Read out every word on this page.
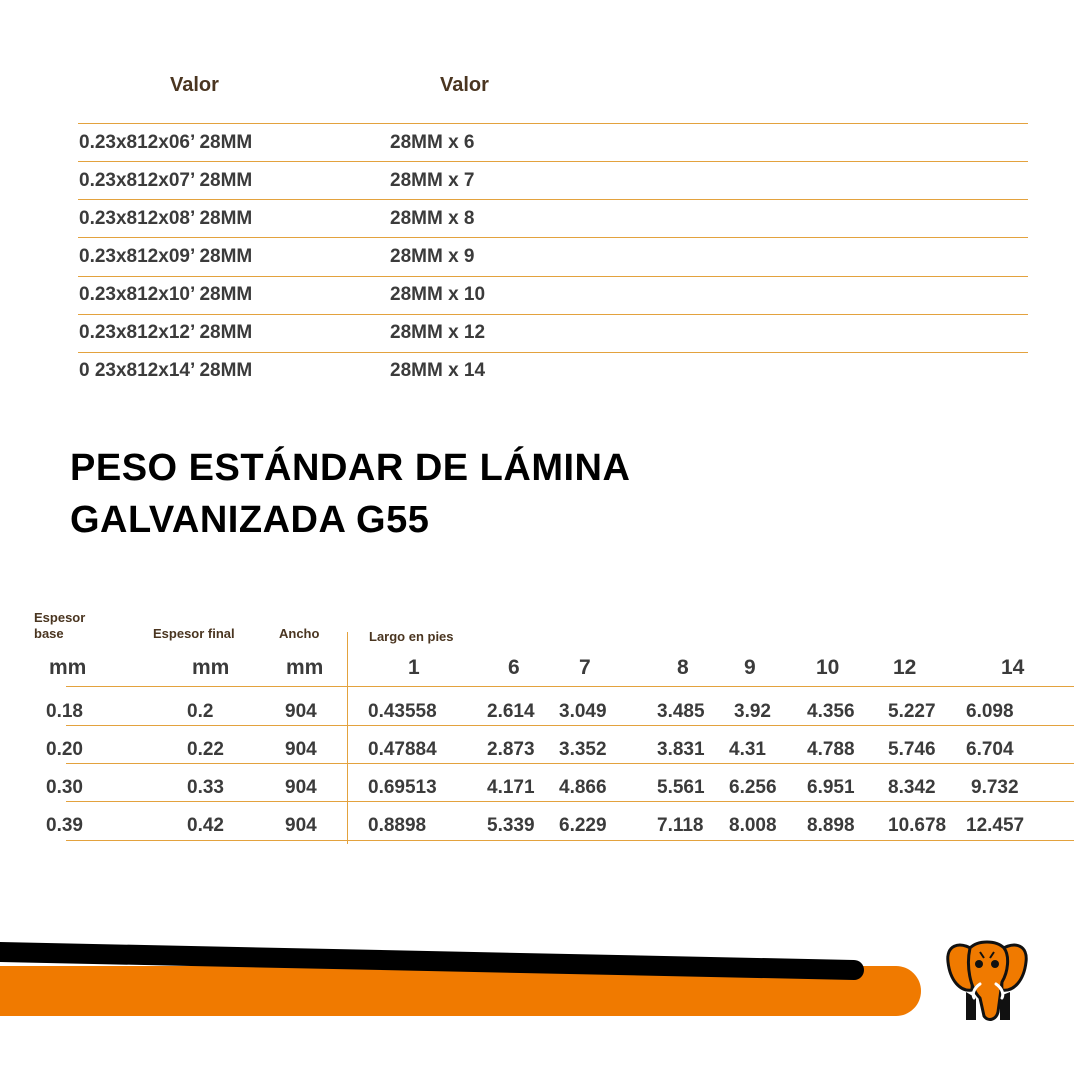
Valor	Valor
0.23x812x06’ 28MM	28MM x 6
0.23x812x07’ 28MM	28MM x 7
0.23x812x08’ 28MM	28MM x 8
0.23x812x09’ 28MM	28MM x 9
0.23x812x10’ 28MM	28MM x 10
0.23x812x12’ 28MM	28MM x 12
0 23x812x14’ 28MM	28MM x 14
PESO ESTÁNDAR DE LÁMINA
GALVANIZADA G55
Espesor
base	Espesor final	Ancho	Largo en pies
mm	mm	mm	1	6	7	8	9	10	12	14
0.18	0.2	904	0.43558	2.614 3.049	3.485 3.92 4.356 5.227 6.098
0.20	0.22	904	0.47884	2.873 3.352	3.831 4.31 4.788 5.746 6.704
0.30	0.33	904	0.69513	4.171 4.866	5.561 6.256 6.951 8.342 9.732
0.39	0.42	904	0.8898	5.339 6.229	7.118 8.008 8.898 10.678 12.457
